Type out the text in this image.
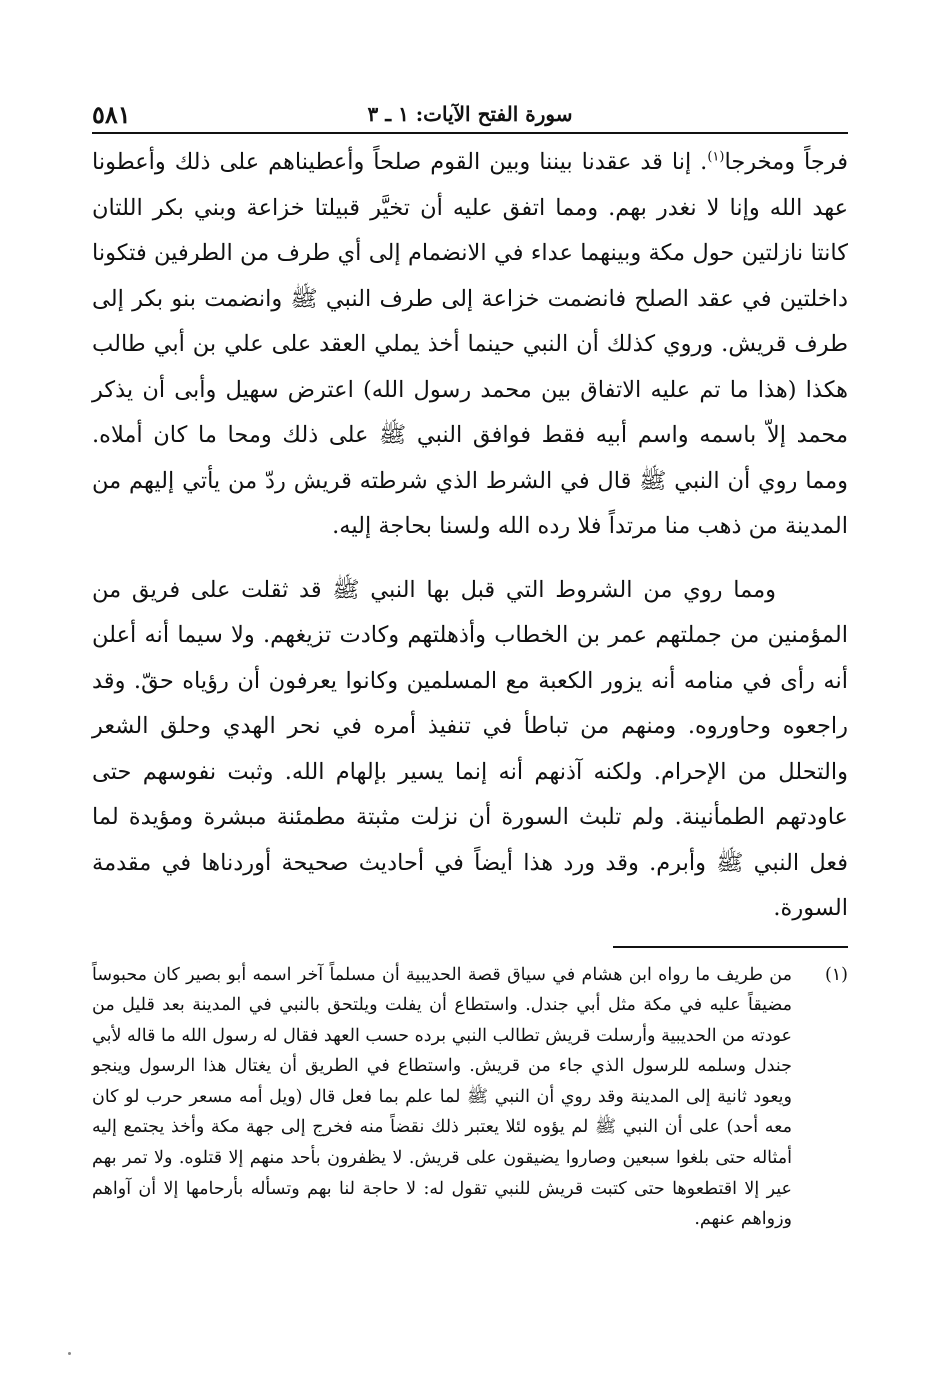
سورة الفتح الآيات: ١ ـ ٣
٥٨١

فرجاً ومخرجا$^{(١)}$. إنا قد عقدنا بيننا وبين القوم صلحاً وأعطيناهم على ذلك وأعطونا عهد الله وإنا لا نغدر بهم. ومما اتفق عليه أن تخيَّر قبيلتا خزاعة وبني بكر اللتان كانتا نازلتين حول مكة وبينهما عداء في الانضمام إلى أي طرف من الطرفين فتكونا داخلتين في عقد الصلح فانضمت خزاعة إلى طرف النبي ﷺ وانضمت بنو بكر إلى طرف قريش. وروي كذلك أن النبي حينما أخذ يملي العقد على علي بن أبي طالب هكذا (هذا ما تم عليه الاتفاق بين محمد رسول الله) اعترض سهيل وأبى أن يذكر محمد إلاّ باسمه واسم أبيه فقط فوافق النبي ﷺ على ذلك ومحا ما كان أملاه. ومما روي أن النبي ﷺ قال في الشرط الذي شرطته قريش ردّ من يأتي إليهم من المدينة من ذهب منا مرتداً فلا رده الله ولسنا بحاجة إليه.

ومما روي من الشروط التي قبل بها النبي ﷺ قد ثقلت على فريق من المؤمنين من جملتهم عمر بن الخطاب وأذهلتهم وكادت تزيغهم. ولا سيما أنه أعلن أنه رأى في منامه أنه يزور الكعبة مع المسلمين وكانوا يعرفون أن رؤياه حقّ. وقد راجعوه وحاوروه. ومنهم من تباطأ في تنفيذ أمره في نحر الهدي وحلق الشعر والتحلل من الإحرام. ولكنه آذنهم أنه إنما يسير بإلهام الله. وثبت نفوسهم حتى عاودتهم الطمأنينة. ولم تلبث السورة أن نزلت مثبتة مطمئنة مبشرة ومؤيدة لما فعل النبي ﷺ وأبرم. وقد ورد هذا أيضاً في أحاديث صحيحة أوردناها في مقدمة السورة.

(١)
من طريف ما رواه ابن هشام في سياق قصة الحديبية أن مسلماً آخر اسمه أبو بصير كان محبوساً مضيقاً عليه في مكة مثل أبي جندل. واستطاع أن يفلت ويلتحق بالنبي في المدينة بعد قليل من عودته من الحديبية وأرسلت قريش تطالب النبي برده حسب العهد فقال له رسول الله ما قاله لأبي جندل وسلمه للرسول الذي جاء من قريش. واستطاع في الطريق أن يغتال هذا الرسول وينجو ويعود ثانية إلى المدينة وقد روي أن النبي ﷺ لما علم بما فعل قال (ويل أمه مسعر حرب لو كان معه أحد) على أن النبي ﷺ لم يؤوه لئلا يعتبر ذلك نقضاً منه فخرج إلى جهة مكة وأخذ يجتمع إليه أمثاله حتى بلغوا سبعين وصاروا يضيقون على قريش. لا يظفرون بأحد منهم إلا قتلوه. ولا تمر بهم عير إلا اقتطعوها حتى كتبت قريش للنبي تقول له: لا حاجة لنا بهم وتسأله بأرحامها إلا أن آواهم وزواهم عنهم.
